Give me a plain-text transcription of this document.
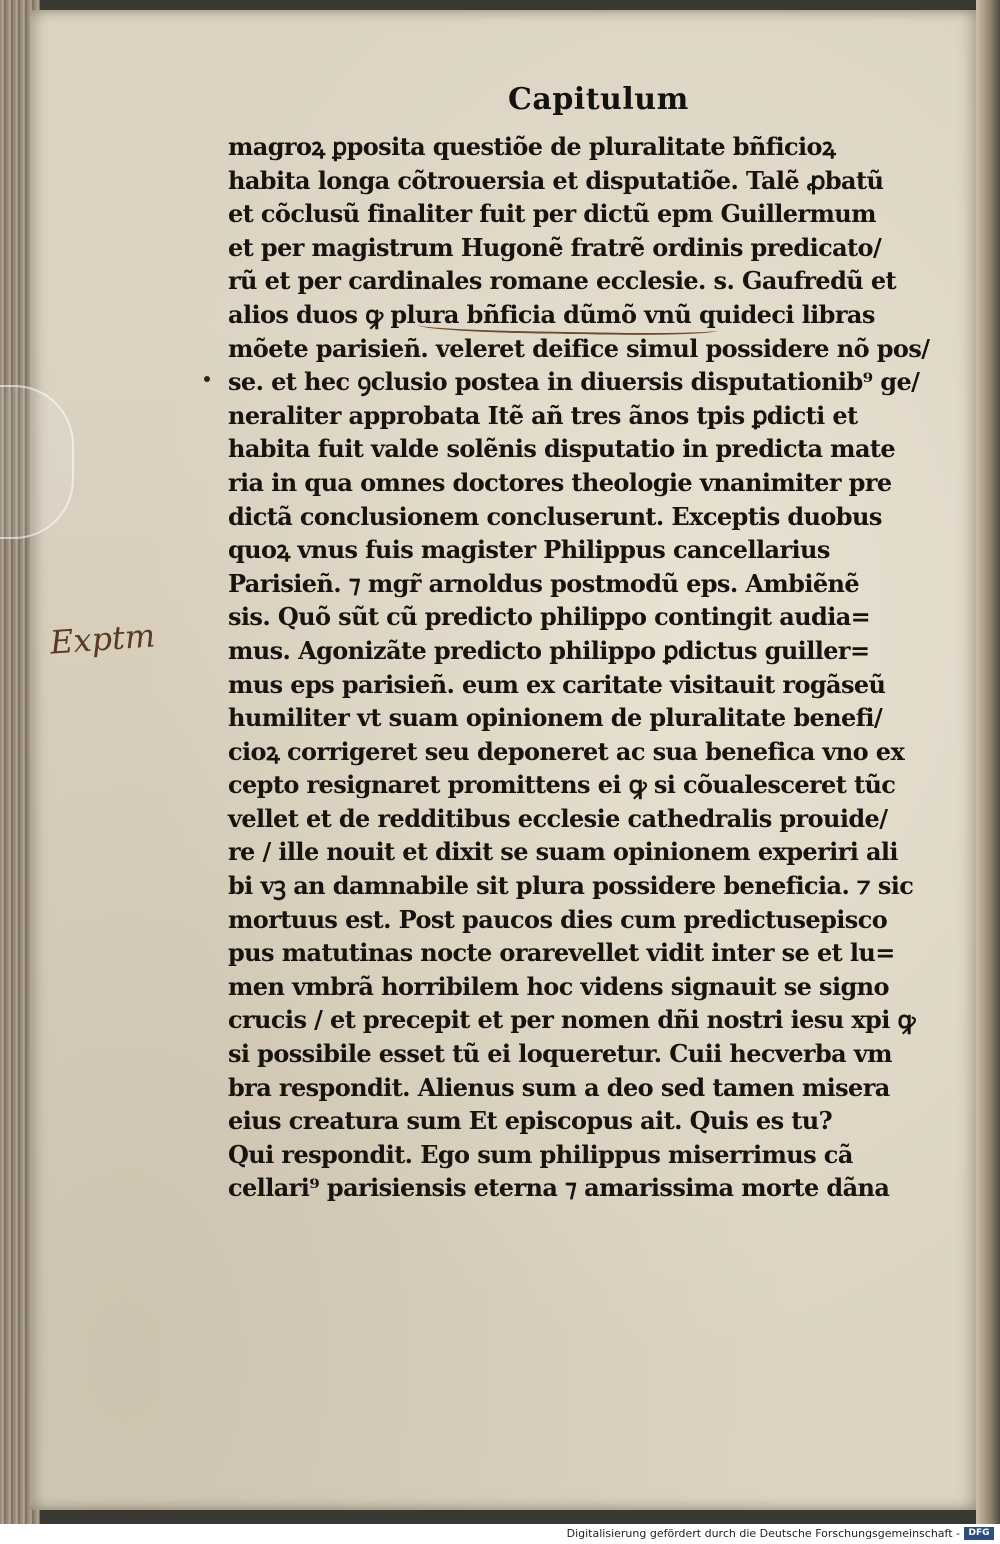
Capitulum
Exptm
magroꝝ ꝑposita questiõe de pluralitate bñficioꝝ
habita longa cõtrouersia et disputatiõe. Talẽ ꝓbatũ
et cõclusũ finaliter fuit per dictũ epm Guillermum
et per magistrum Hugonẽ fratrẽ ordinis predicato/
rũ et per cardinales romane ecclesie. s. Gaufredũ et
alios duos ꝙ plura bñficia dũmõ vnũ quideci libras
mõete parisieñ. veleret deifice simul possidere nõ pos/
se. et hec ꝯclusio postea in diuersis disputationib⁹ ge/
neraliter approbata Itẽ añ tres ãnos tpis ꝑdicti et
habita fuit valde solẽnis disputatio in predicta mate
ria in qua omnes doctores theologie vnanimiter pre
dictã conclusionem concluserunt. Exceptis duobus
quoꝝ vnus fuis magister Philippus cancellarius
Parisieñ. ⁊ mgr̃ arnoldus postmodũ eps. Ambiẽnẽ
sis. Quõ sũt cũ predicto philippo contingit audia=
mus. Agonizãte predicto philippo ꝑdictus guiller=
mus eps parisieñ. eum ex caritate visitauit rogãseũ
humiliter vt suam opinionem de pluralitate benefi/
cioꝝ corrigeret seu deponeret ac sua benefica vno ex
cepto resignaret promittens ei ꝙ si cõualesceret tũc
vellet et de redditibus ecclesie cathedralis prouide/
re / ille nouit et dixit se suam opinionem experiri ali
bi vꝫ an damnabile sit plura possidere beneficia. ⁊ sic
mortuus est. Post paucos dies cum predictusepisco
pus matutinas nocte orarevellet vidit inter se et lu=
men vmbrã horribilem hoc videns signauit se signo
crucis / et precepit et per nomen dñi nostri iesu xpi ꝙ
si possibile esset tũ ei loqueretur. Cuii hecverba vm
bra respondit. Alienus sum a deo sed tamen misera
eius creatura sum Et episcopus ait. Quis es tu?
Qui respondit. Ego sum philippus miserrimus cã
cellari⁹ parisiensis eterna ⁊ amarissima morte dãna
Digitalisierung gefördert durch die Deutsche Forschungsgemeinschaft - DFG
